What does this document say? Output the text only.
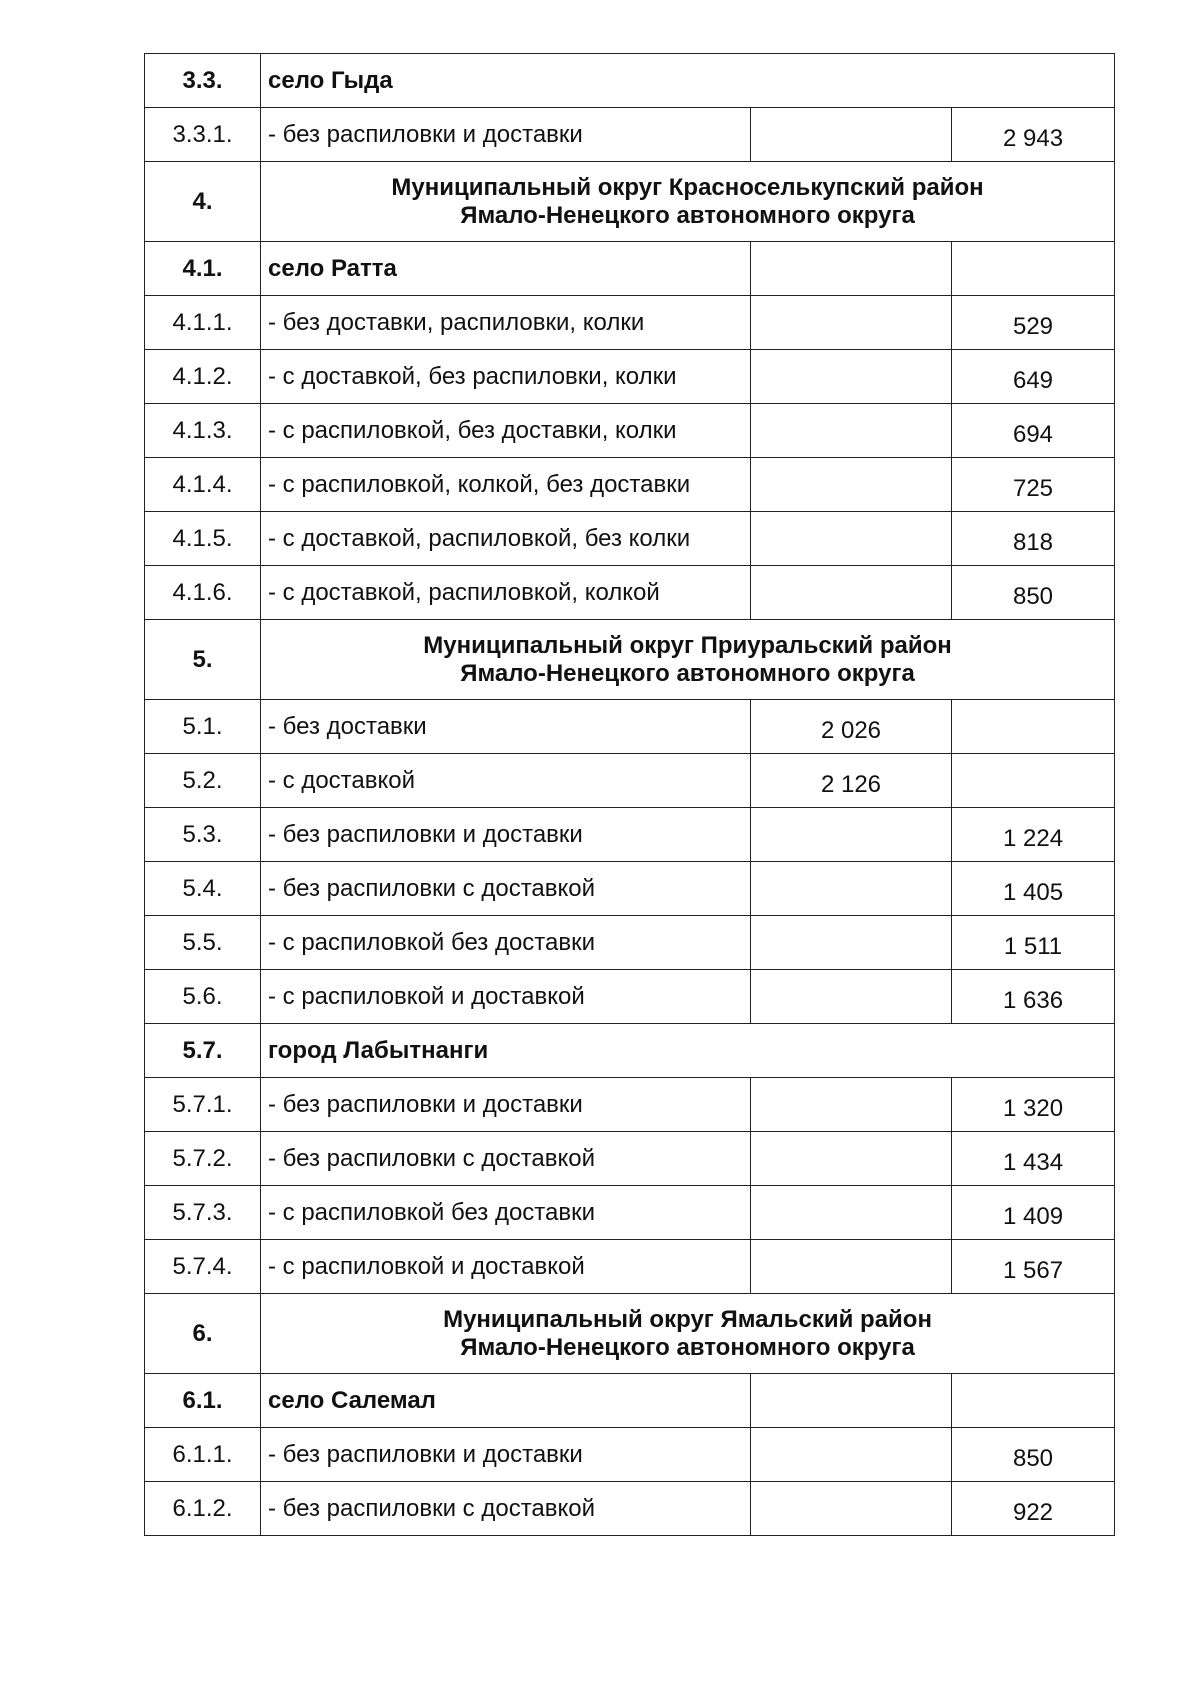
3.3.	село Гыда		
3.3.1.	- без распиловки и доставки		2 943
4.	Муниципальный округ Красноселькупский район
Ямало-Ненецкого автономного округа		

4.1.	село Ратта		
4.1.1.	- без доставки, распиловки, колки		529
4.1.2.	- с доставкой, без распиловки, колки		649
4.1.3.	- с распиловкой, без доставки, колки		694
4.1.4.	- с распиловкой, колкой, без доставки		725
4.1.5.	- с доставкой, распиловкой, без колки		818
4.1.6.	- с доставкой, распиловкой, колкой		850
5.	Муниципальный округ Приуральский район
Ямало-Ненецкого автономного округа		

5.1.	- без доставки	2 026	
5.2.	- с доставкой	2 126	
5.3.	- без распиловки и доставки		1 224
5.4.	- без распиловки с доставкой		1 405
5.5.	- с распиловкой без доставки		1 511
5.6.	- с распиловкой и доставкой		1 636
5.7.	город Лабытнанги		
5.7.1.	- без распиловки и доставки		1 320
5.7.2.	- без распиловки с доставкой		1 434
5.7.3.	- с распиловкой без доставки		1 409
5.7.4.	- с распиловкой и доставкой		1 567
6.	Муниципальный округ Ямальский район
Ямало-Ненецкого автономного округа		

6.1.	село Салемал		
6.1.1.	- без распиловки и доставки		850
6.1.2.	- без распиловки с доставкой		922
